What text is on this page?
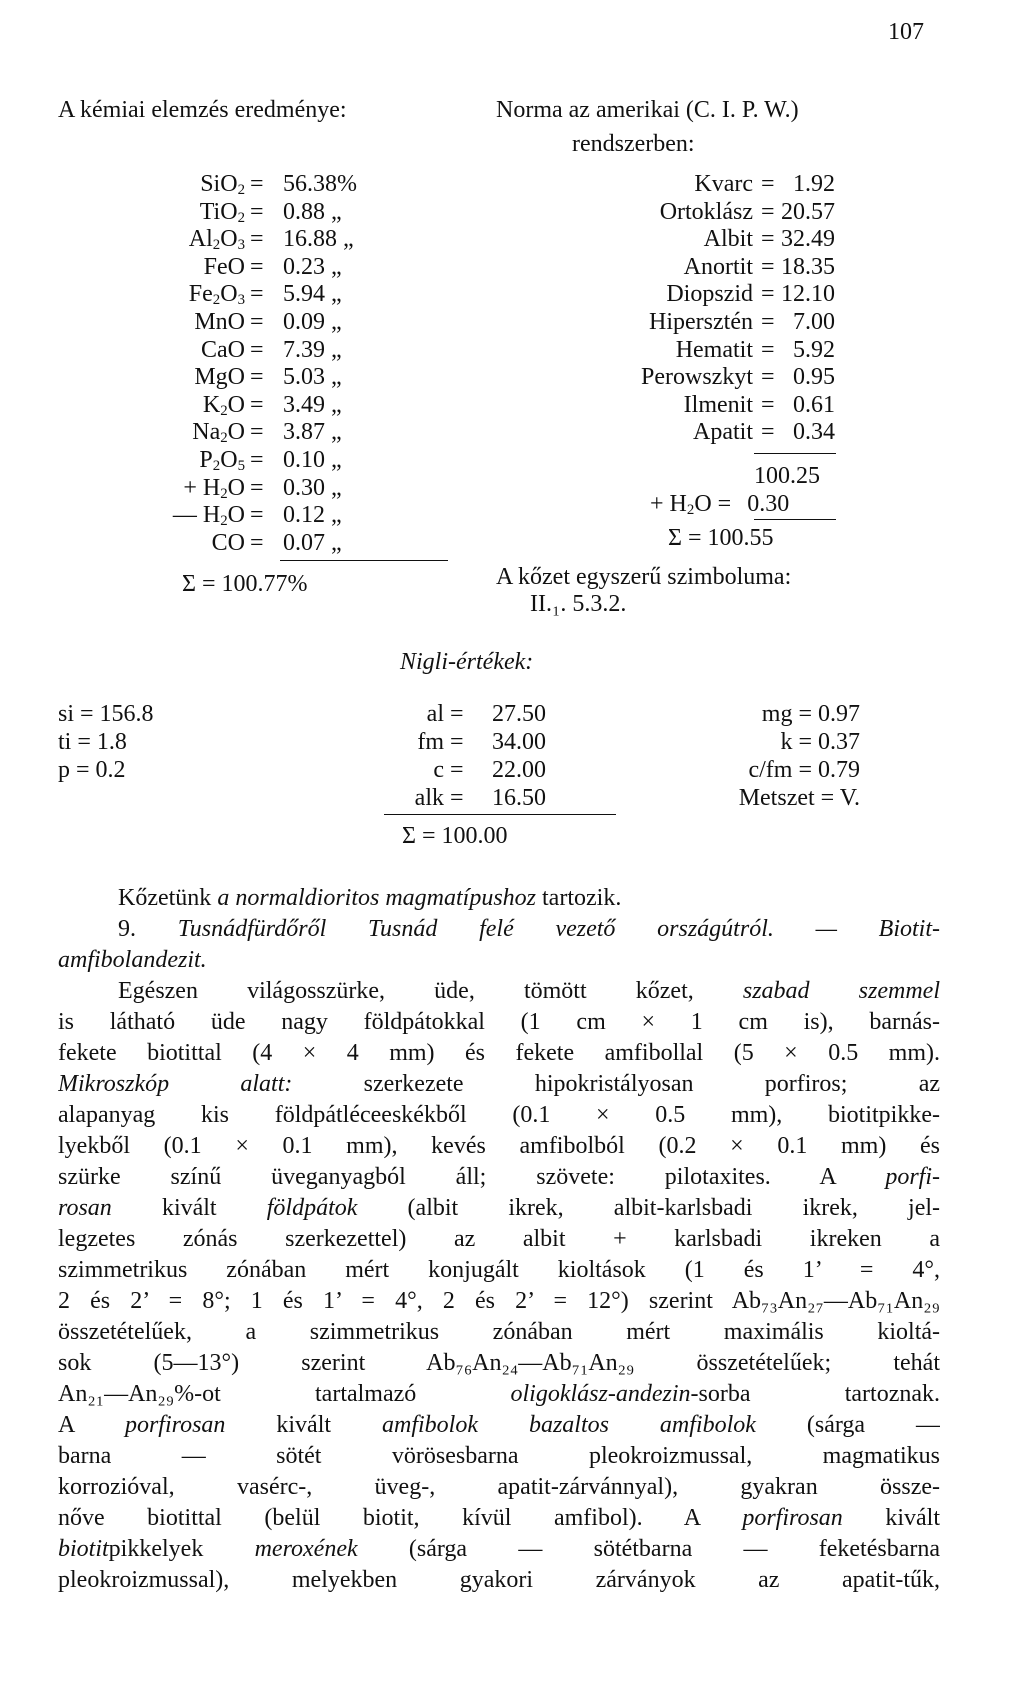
107
A kémiai elemzés eredménye:	Norma az amerikai (C. I. P. W.)
rendszerben:
SiO$_2$ = 56.38%
TiO$_2$ = 0.88 „
$Al_2O_3 = 16.88$ „
FeO = 0.23 „
$Fe_2O_3 = 5.94$ „
MnO = 0.09 „
CaO = 7.39 „
MgO = 5.03 „
$K_2O = 3.49$ „
$Na_2O = 3.87$ „
$P_2O_5 = 0.10$ „
+ $H_2O = 0.30$ „
— $H_2O = 0.12$ „
CO = 0.07 „
Σ = 100.77%
Kvarc = 1.92
Ortoklász = 20.57
Albit = 32.49
Anortit = 18.35
Diopszid = 12.10
Hipersztén = 7.00
Hematit = 5.92
Perowszkyt = 0.95
Ilmenit = 0.61
Apatit = 0.34
100.25
+ $H_2O = 0.30$
Σ = 100.55
A kőzet egyszerű szimboluma:
II.₁. 5.3.2.
Nigli-értékek:
si = 156.8
ti = 1.8
p = 0.2
al = 27.50
fm = 34.00
c = 22.00
alk = 16.50
Σ = 100.00
mg = 0.97
k = 0.37
c/fm = 0.79
Metszet = V.
Kőzetünk a normaldioritos magmatípushoz tartozik.
9. Tusnádfürdőről Tusnád felé vezető országútról. — Biotit-
amfibolandezit.
Egészen világosszürke, üde, tömött kőzet, szabad szemmel
is látható üde nagy földpátokkal (1 cm × 1 cm is), barnás-
fekete biotittal (4 × 4 mm) és fekete amfibollal (5 × 0.5 mm).
Mikroszkóp alatt: szerkezete hipokristályosan porfiros; az
alapanyag kis földpátléceeskékből (0.1 × 0.5 mm), biotitpikke-
lyekből (0.1 × 0.1 mm), kevés amfibolból (0.2 × 0.1 mm) és
szürke színű üveganyagból áll; szövete: pilotaxites. A porfi-
rosan kivált földpátok (albit ikrek, albit-karlsbadi ikrek, jel-
legzetes zónás szerkezettel) az albit + karlsbadi ikreken a
szimmetrikus zónában mért konjugált kioltások (1 és 1’ = 4°,
2 és 2’ = 8°; 1 és 1’ = 4°, 2 és 2’ = 12°) szerint Ab₇₃An₂₇—Ab₇₁An₂₉
összetételűek, a szimmetrikus zónában mért maximális kioltá-
sok (5—13°) szerint Ab₇₆An₂₄—Ab₇₁An₂₉ összetételűek; tehát
An₂₁—An₂₉%-ot tartalmazó oligoklász-andezin-sorba tartoznak.
A porfirosan kivált amfibolok bazaltos amfibolok (sárga —
barna — sötét vörösesbarna pleokroizmussal, magmatikus
korrozióval, vasérc-, üveg-, apatit-zárvánnyal), gyakran össze-
nőve biotittal (belül biotit, kívül amfibol). A porfirosan kivált
biotitpikkelyek meroxének (sárga — sötétbarna — feketésbarna
pleokroizmussal), melyekben gyakori zárványok az apatit-tűk,
